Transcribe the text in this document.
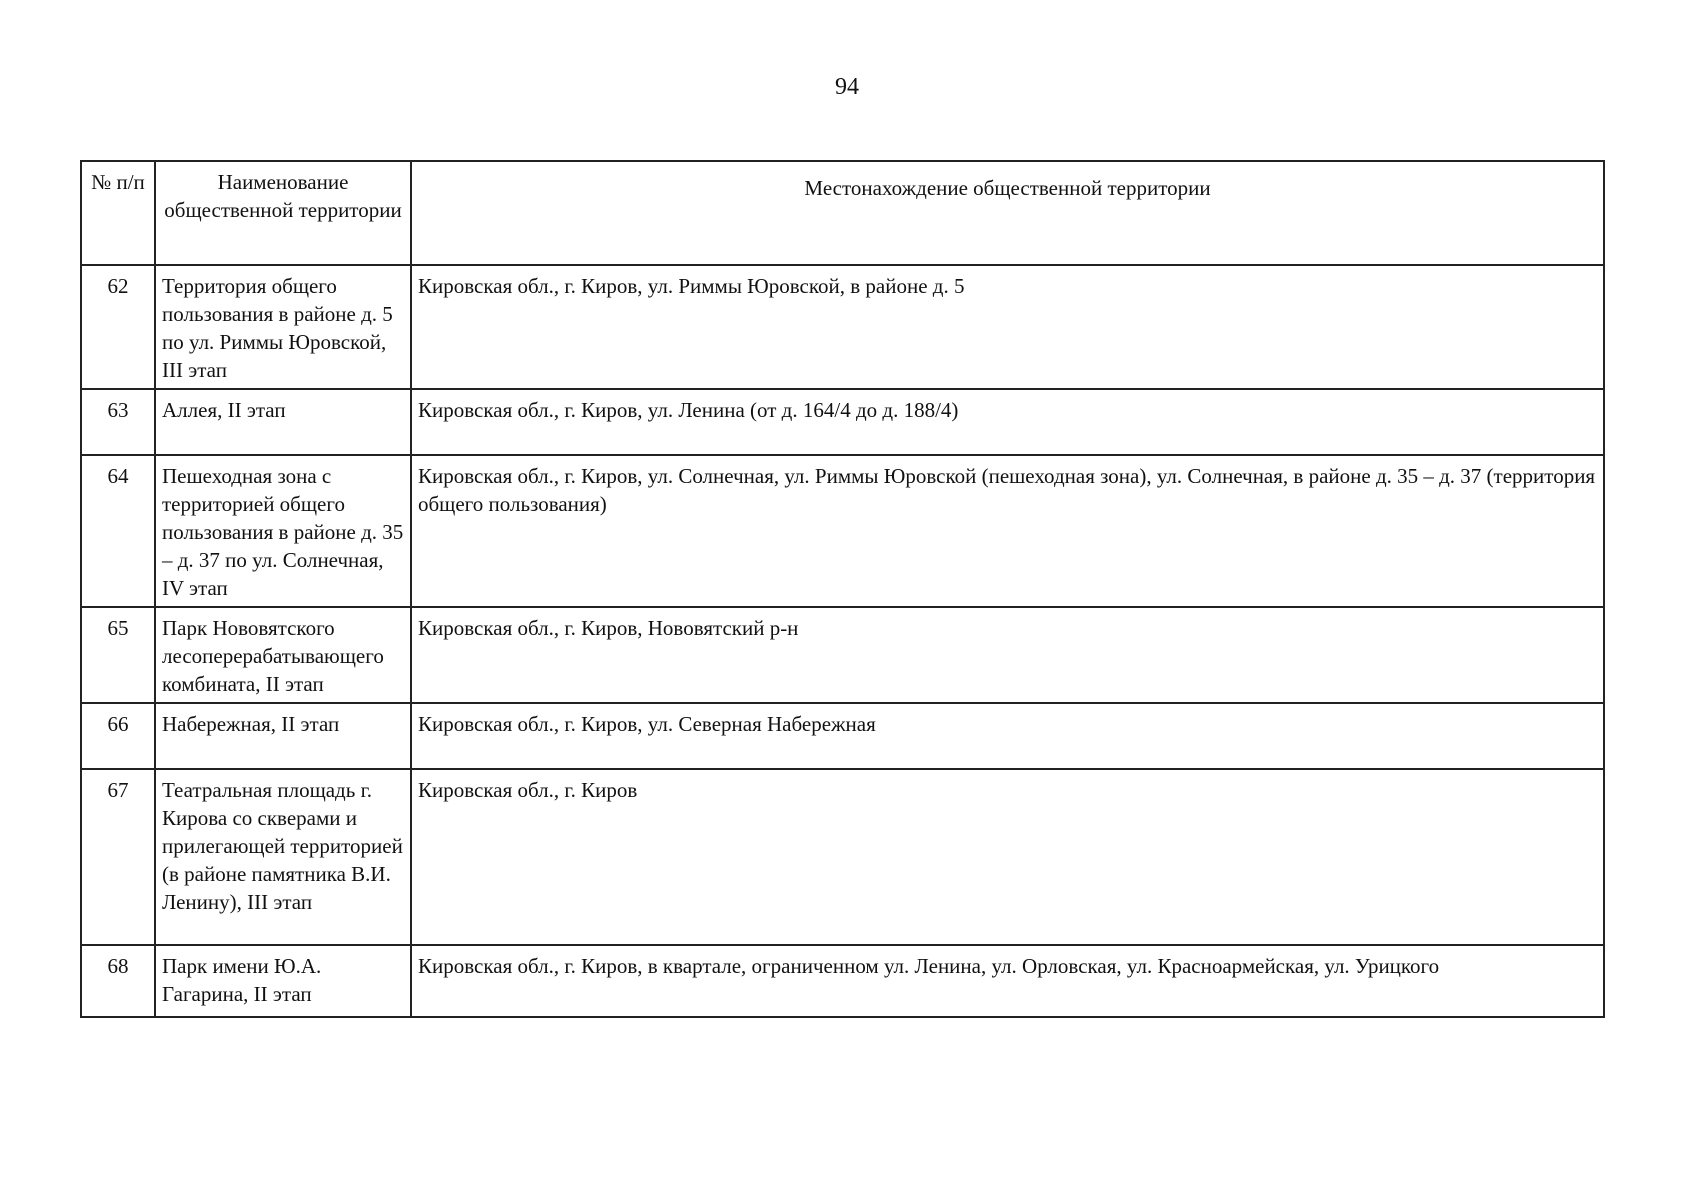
94
№ п/п	Наименование общественной территории	Местонахождение общественной территории
62	Территория общего пользования в районе д. 5 по ул. Риммы Юровской, III этап	Кировская обл., г. Киров, ул. Риммы Юровской, в районе д. 5
63	Аллея, II этап	Кировская обл., г. Киров, ул. Ленина (от д. 164/4 до д. 188/4)
64	Пешеходная зона с территорией общего пользования в районе д. 35 – д. 37 по ул. Солнечная, IV этап	Кировская обл., г. Киров, ул. Солнечная, ул. Риммы Юровской (пешеходная зона), ул. Солнечная, в районе д. 35 – д. 37 (территория общего пользования)
65	Парк Нововятского лесоперерабатывающего комбината, II этап	Кировская обл., г. Киров, Нововятский р-н
66	Набережная, II этап	Кировская обл., г. Киров, ул. Северная Набережная
67	Театральная площадь г. Кирова со скверами и прилегающей территорией (в районе памятника В.И. Ленину), III этап	Кировская обл., г. Киров
68	Парк имени Ю.А. Гагарина, II этап	Кировская обл., г. Киров, в квартале, ограниченном ул. Ленина, ул. Орловская, ул. Красноармейская, ул. Урицкого
